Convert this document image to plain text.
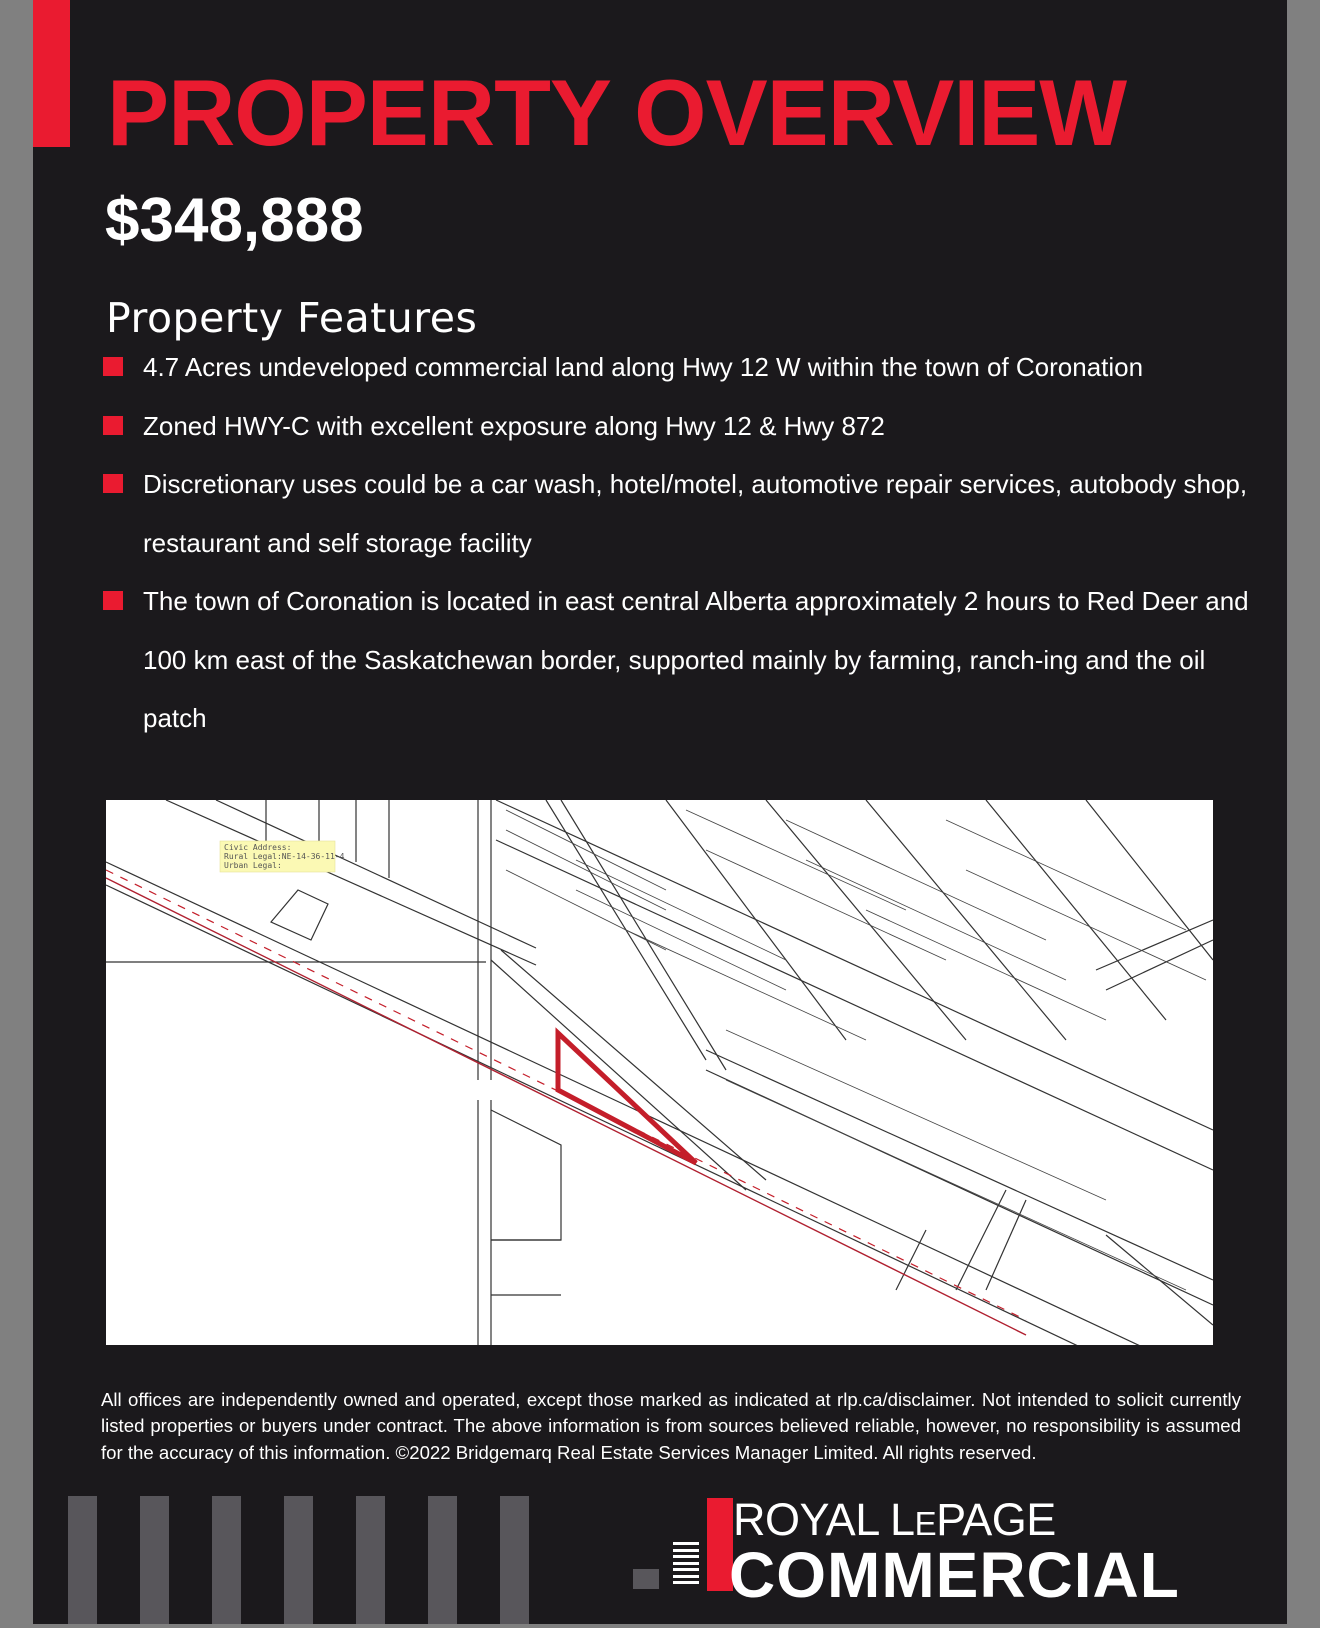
PROPERTY OVERVIEW
$348,888
Property Features
4.7 Acres undeveloped commercial land along Hwy 12 W within the town of Coronation
Zoned HWY-C with excellent exposure along Hwy 12 & Hwy 872
Discretionary uses could be a car wash, hotel/motel, automotive repair services, autobody shop, restaurant and self storage facility
The town of Coronation is located in east central Alberta approximately 2 hours to Red Deer and 100 km east of the Saskatchewan border, supported mainly by farming, ranch-ing and the oil patch
Civic Address:
Rural Legal:NE-14-36-11-4
Urban Legal:

All offices are independently owned and operated, except those marked as indicated at rlp.ca/disclaimer. Not intended to solicit currently listed properties or buyers under contract. The above information is from sources believed reliable, however, no responsibility is assumed for the accuracy of this information. ©2022 Bridgemarq Real Estate Services Manager Limited. All rights reserved.

ROYAL LEPAGE
COMMERCIAL
